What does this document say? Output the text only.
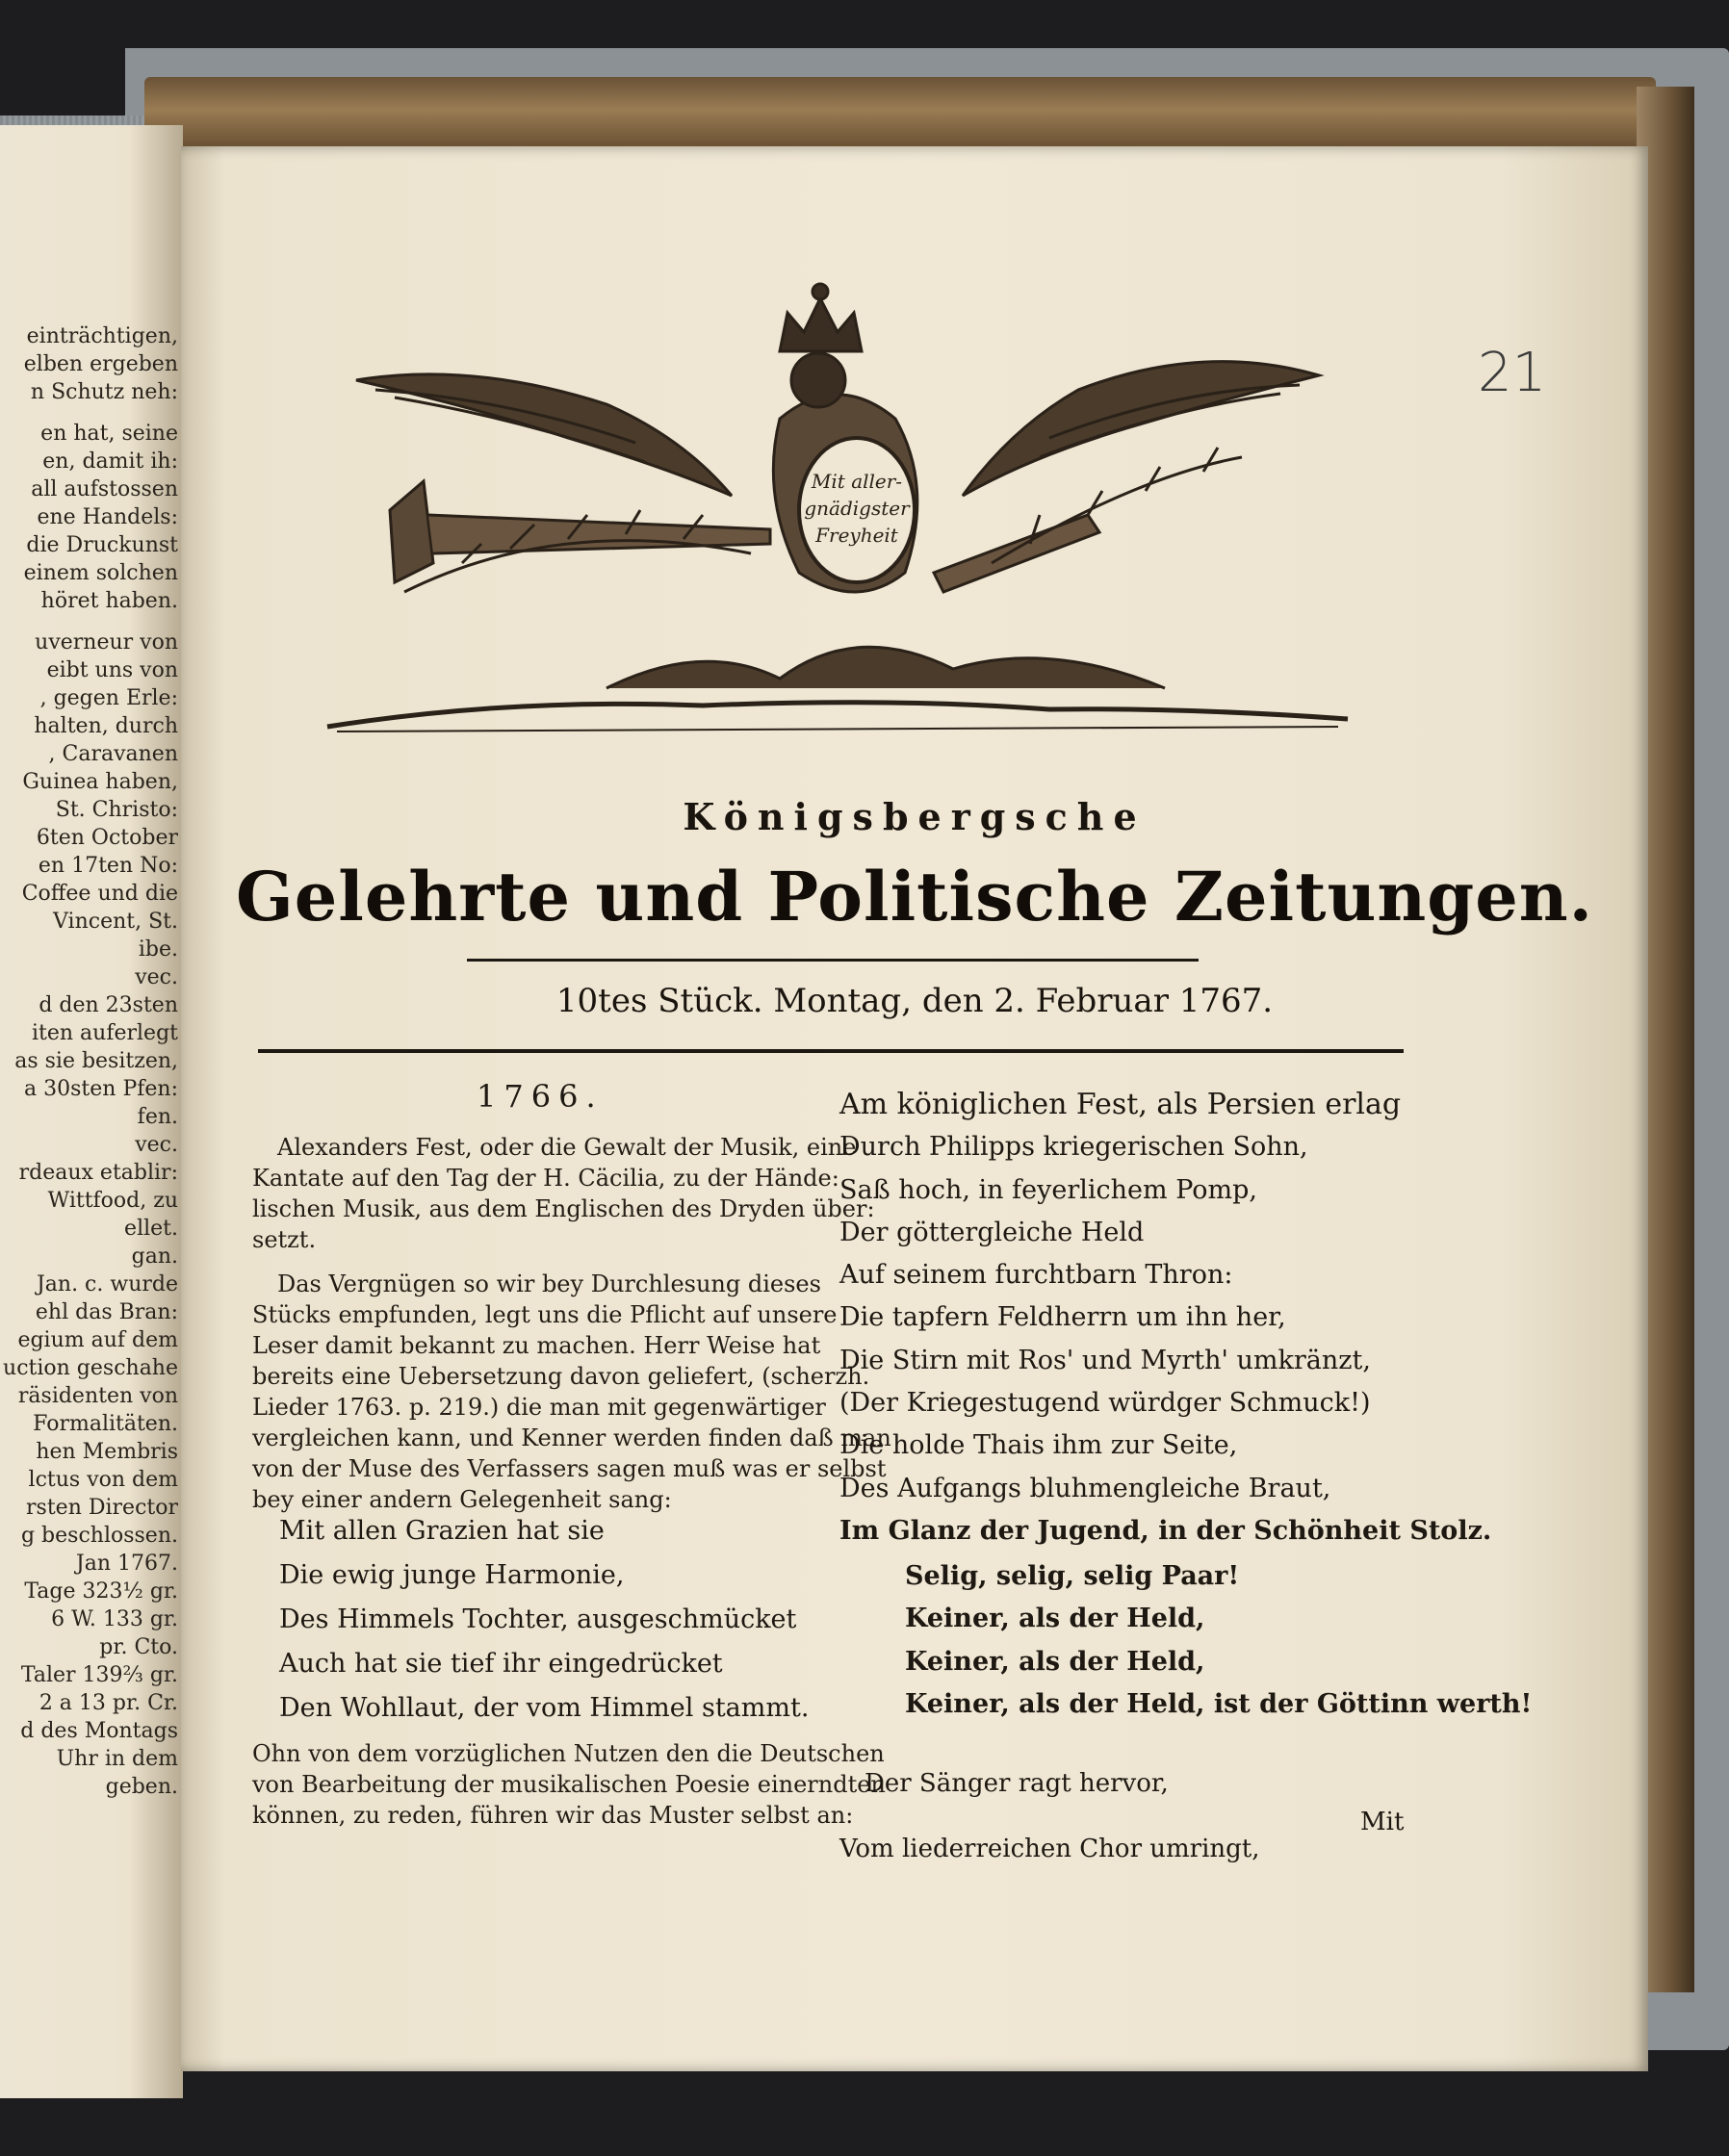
einträchtigen,
elben ergeben
n Schutz neh:
en hat, seine
en, damit ih:
all aufstossen
ene Handels:
die Druckunst
einem solchen
höret haben.
uverneur von
eibt uns von
, gegen Erle:
halten, durch
, Caravanen
Guinea haben,
St. Christo:
6ten October
en 17ten No:
Coffee und die
Vincent, St.
ibe.
vec.
d den 23sten
iten auferlegt
as sie besitzen,
a 30sten Pfen:
fen.
vec.
rdeaux etablir:
Wittfood, zu
ellet.
gan.
Jan. c. wurde
ehl das Bran:
egium auf dem
uction geschahe
räsidenten von
Formalitäten.
hen Membris
lctus von dem
rsten Director
g beschlossen.
Jan 1767.
Tage 323½ gr.
6 W. 133 gr.
pr. Cto.
Taler 139⅔ gr.
2 a 13 pr. Cr.
d des Montags
Uhr in dem
geben.
21
Mit aller-
gnädigster
Freyheit
Königsbergsche
Gelehrte und Politische Zeitungen.
10tes Stück. Montag, den 2. Februar 1767.
1766.

Alexanders Fest, oder die Gewalt der Musik, eine

Kantate auf den Tag der H. Cäcilia, zu der Hände:

lischen Musik, aus dem Englischen des Dryden über:

setzt.

Das Vergnügen so wir bey Durchlesung dieses

Stücks empfunden, legt uns die Pflicht auf unsere

Leser damit bekannt zu machen. Herr Weise hat

bereits eine Uebersetzung davon geliefert, (scherzh.

Lieder 1763. p. 219.) die man mit gegenwärtiger

vergleichen kann, und Kenner werden finden daß man

von der Muse des Verfassers sagen muß was er selbst

bey einer andern Gelegenheit sang:

Mit allen Grazien hat sie

Die ewig junge Harmonie,

Des Himmels Tochter, ausgeschmücket

Auch hat sie tief ihr eingedrücket

Den Wohllaut, der vom Himmel stammt.

Ohn von dem vorzüglichen Nutzen den die Deutschen

von Bearbeitung der musikalischen Poesie einerndten

können, zu reden, führen wir das Muster selbst an:

Am königlichen Fest, als Persien erlag

Durch Philipps kriegerischen Sohn,

Saß hoch, in feyerlichem Pomp,

Der göttergleiche Held

Auf seinem furchtbarn Thron:

Die tapfern Feldherrn um ihn her,

Die Stirn mit Ros' und Myrth' umkränzt,

(Der Kriegestugend würdger Schmuck!)

Die holde Thais ihm zur Seite,

Des Aufgangs bluhmengleiche Braut,

Im Glanz der Jugend, in der Schönheit Stolz.

Selig, selig, selig Paar!

Keiner, als der Held,

Keiner, als der Held,

Keiner, als der Held, ist der Göttinn werth!

Der Sänger ragt hervor,

Vom liederreichen Chor umringt,

Mit
